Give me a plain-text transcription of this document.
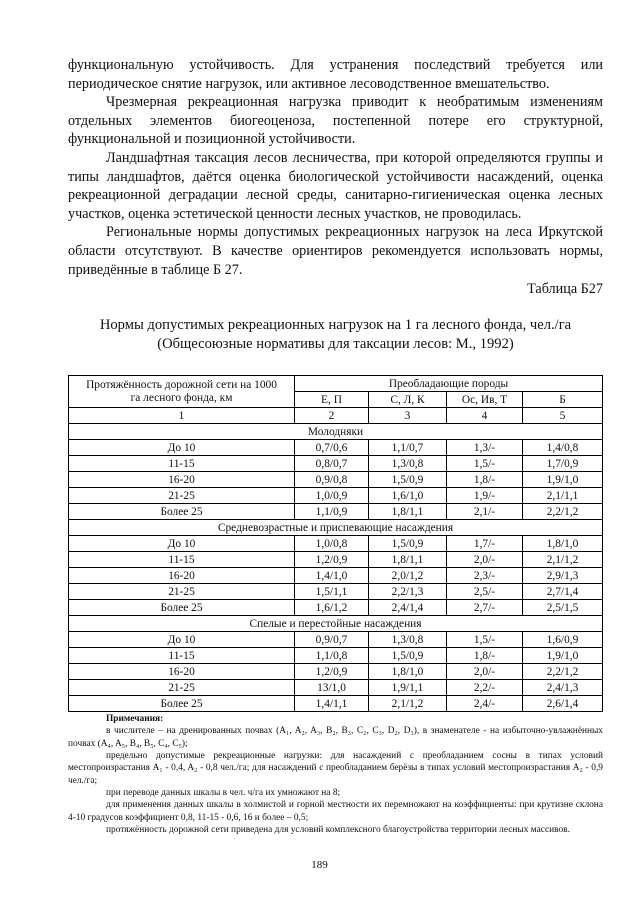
функциональную устойчивость. Для устранения последствий требуется или периодическое снятие нагрузок, или активное лесоводственное вмешательство.

Чрезмерная рекреационная нагрузка приводит к необратимым изменениям отдельных элементов биогеоценоза, постепенной потере его структурной, функциональной и позиционной устойчивости.

Ландшафтная таксация лесов лесничества, при которой определяются группы и типы ландшафтов, даётся оценка биологической устойчивости насаждений, оценка рекреационной деградации лесной среды, санитарно-гигиеническая оценка лесных участков, оценка эстетической ценности лесных участков, не проводилась.

Региональные нормы допустимых рекреационных нагрузок на леса Иркутской области отсутствуют. В качестве ориентиров рекомендуется использовать нормы, приведённые в таблице Б 27.

Таблица Б27
Нормы допустимых рекреационных нагрузок на 1 га лесного фонда, чел./га
(Общесоюзные нормативы для таксации лесов: М., 1992)
Протяжённость дорожной сети на 1000
га лесного фонда, км	Преобладающие породы			
	Е, П	С, Л, К	Ос, Ив, Т	Б
1	2	3	4	5
Молодняки				
До 10	0,7/0,6	1,1/0,7	1,3/-	1,4/0,8
11-15	0,8/0,7	1,3/0,8	1,5/-	1,7/0,9
16-20	0,9/0,8	1,5/0,9	1,8/-	1,9/1,0
21-25	1,0/0,9	1,6/1,0	1,9/-	2,1/1,1
Более 25	1,1/0,9	1,8/1,1	2,1/-	2,2/1,2
Средневозрастные и приспевающие насаждения				
До 10	1,0/0,8	1,5/0,9	1,7/-	1,8/1,0
11-15	1,2/0,9	1,8/1,1	2,0/-	2,1/1,2
16-20	1,4/1,0	2,0/1,2	2,3/-	2,9/1,3
21-25	1,5/1,1	2,2/1,3	2,5/-	2,7/1,4
Более 25	1,6/1,2	2,4/1,4	2,7/-	2,5/1,5
Спелые и перестойные насаждения				
До 10	0,9/0,7	1,3/0,8	1,5/-	1,6/0,9
11-15	1,1/0,8	1,5/0,9	1,8/-	1,9/1,0
16-20	1,2/0,9	1,8/1,0	2,0/-	2,2/1,2
21-25	13/1,0	1,9/1,1	2,2/-	2,4/1,3
Более 25	1,4/1,1	2,1/1,2	2,4/-	2,6/1,4
Примечания:

в числителе – на дренированных почвах (A₁, A₂, A₃, B₂, B₃, C₂, C₃, D₂, D₃), в знаменателе - на избыточно-увлажнённых почвах (A₄, A₅, B₄, B₅, C₄, C₅);

предельно допустимые рекреационные нагрузки: для насаждений с преобладанием сосны в типах условий местопроизрастания A₁ - 0,4, A₂ - 0,8 чел./га; для насаждений с преобладанием берёзы в типах условий местопроизрастания A₂ - 0,9 чел./га;

при переводе данных шкалы в чел. ч/га их умножают на 8;

для применения данных шкалы в холмистой и горной местности их перемножают на коэффициенты: при крутизне склона 4-10 градусов коэффициент 0,8, 11-15 - 0,6, 16 и более – 0,5;

протяжённость дорожной сети приведена для условий комплексного благоустройства территории лесных массивов.

189
